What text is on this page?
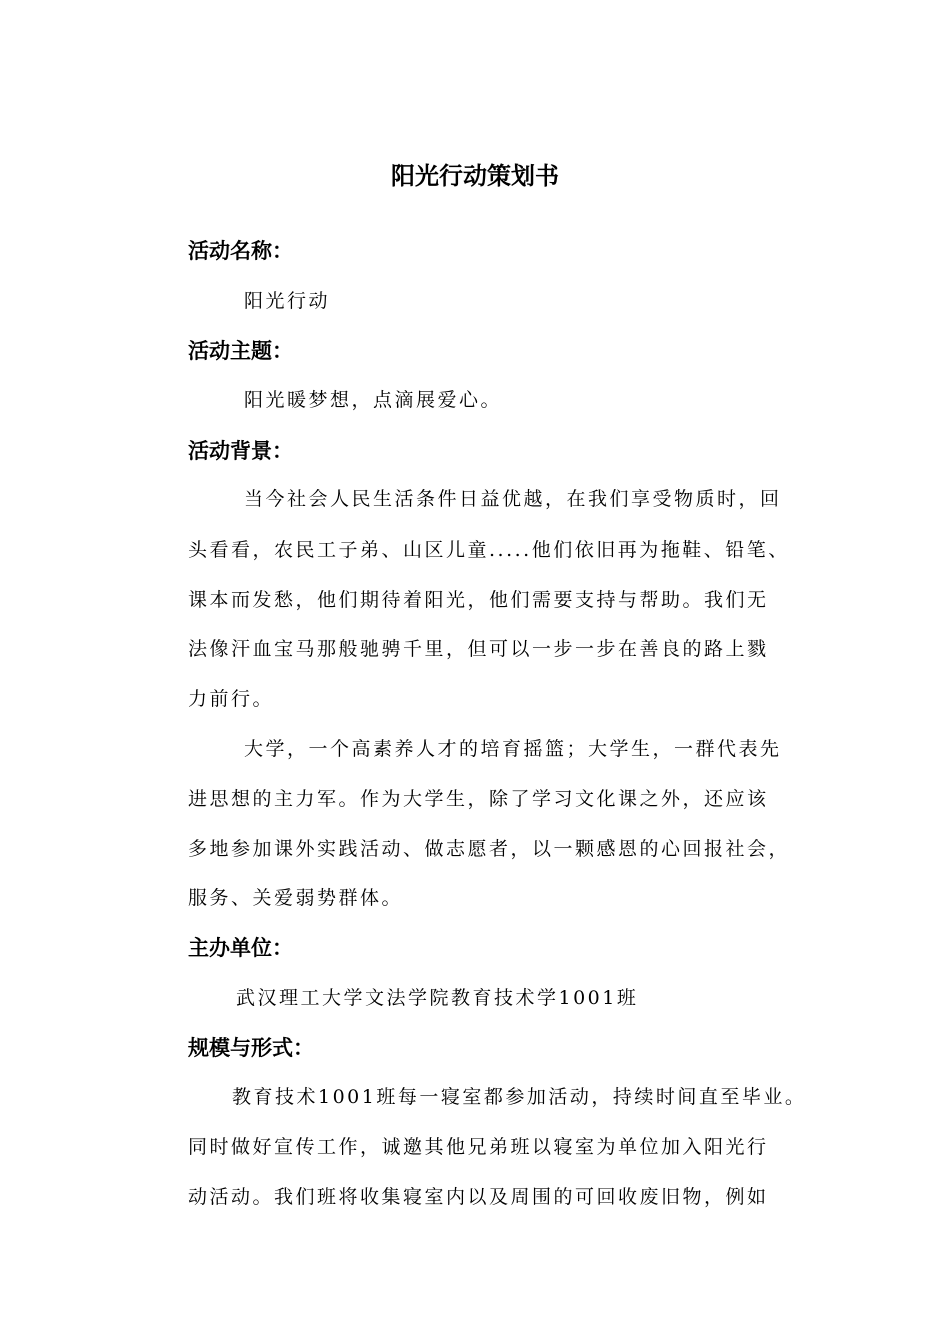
阳光行动策划书
活动名称：

阳光行动

活动主题：

阳光暖梦想，点滴展爱心。

活动背景：

当今社会人民生活条件日益优越，在我们享受物质时，回

头看看，农民工子弟、山区儿童.....他们依旧再为拖鞋、铅笔、

课本而发愁，他们期待着阳光，他们需要支持与帮助。我们无

法像汗血宝马那般驰骋千里，但可以一步一步在善良的路上戮

力前行。

大学，一个高素养人才的培育摇篮；大学生，一群代表先

进思想的主力军。作为大学生，除了学习文化课之外，还应该

多地参加课外实践活动、做志愿者，以一颗感恩的心回报社会，

服务、关爱弱势群体。

主办单位：

武汉理工大学文法学院教育技术学1001班

规模与形式：

教育技术1001班每一寝室都参加活动，持续时间直至毕业。

同时做好宣传工作，诚邀其他兄弟班以寝室为单位加入阳光行

动活动。我们班将收集寝室内以及周围的可回收废旧物，例如
